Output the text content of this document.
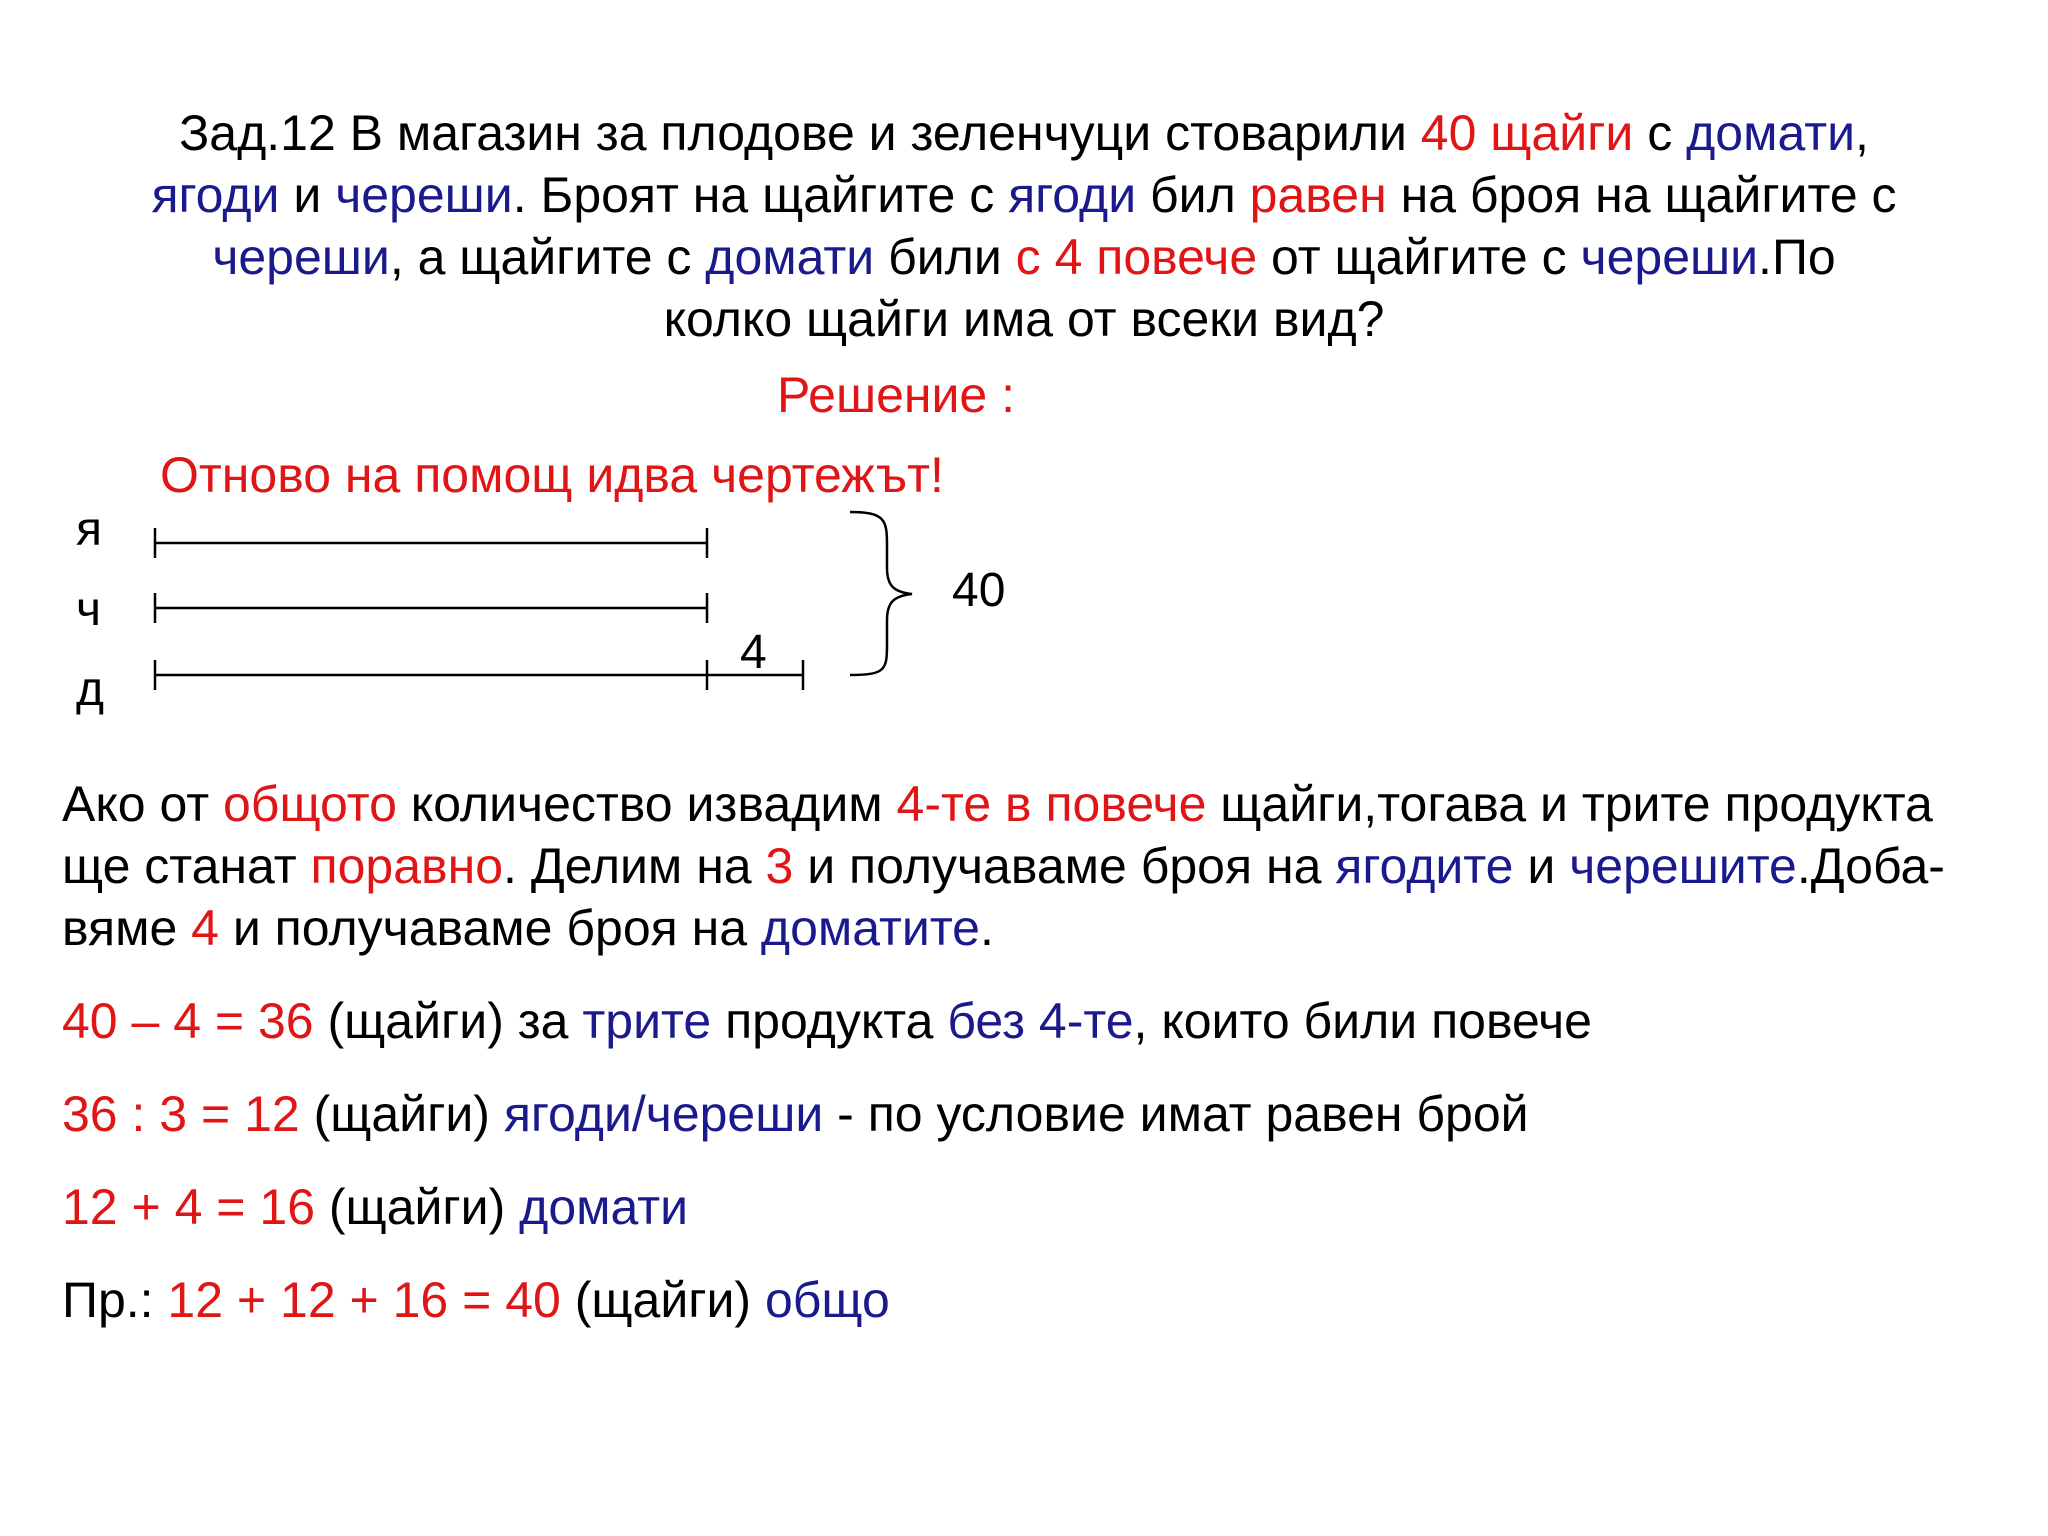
Зад.12 В магазин за плодове и зеленчуци стоварили 40 щайги с домати,
ягоди и череши. Броят на щайгите с ягоди бил равен на броя на щайгите с
череши, а щайгите с домати били с 4 повече от щайгите с череши.По
колко щайги има от всеки вид?
Решение :
Отново на помощ идва чертежът!
я
ч
д
4
40
Ако от общото количество извадим 4-те в повече щайги,тогава и трите продукта
ще станат поравно. Делим на 3 и получаваме броя на ягодите и черешите.Доба-
вяме 4 и получаваме броя на доматите.
40 – 4 = 36 (щайги) за трите продукта без 4-те, които били повече
36 : 3 = 12 (щайги) ягоди/череши - по условие имат равен брой
12 + 4 = 16 (щайги) домати
Пр.: 12 + 12 + 16 = 40 (щайги) общо
